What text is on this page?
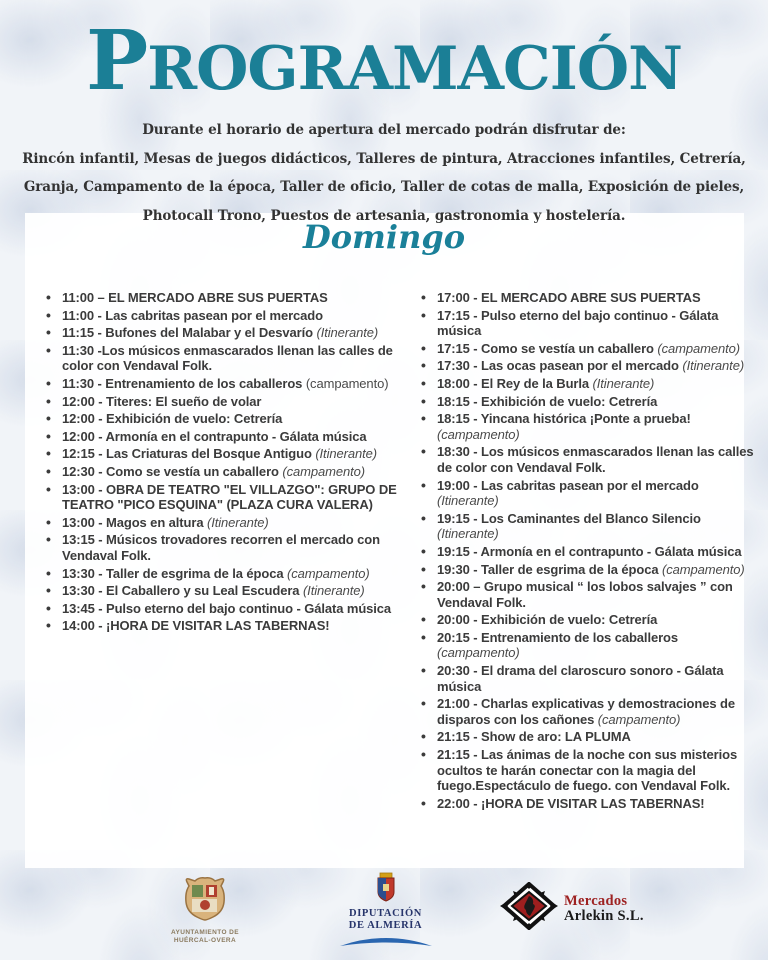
PROGRAMACIÓN

Durante el horario de apertura del mercado podrán disfrutar de:

Rincón infantil, Mesas de juegos didácticos, Talleres de pintura, Atracciones infantiles, Cetrería,

Granja, Campamento de la época, Taller de oficio, Taller de cotas de malla, Exposición de pieles,

Photocall Trono, Puestos de artesania, gastronomia y hostelería.

Domingo
• 11:00 – EL MERCADO ABRE SUS PUERTAS
• 11:00 - Las cabritas pasean por el mercado
• 11:15 - Bufones del Malabar y el Desvarío (Itinerante)
• 11:30 -Los músicos enmascarados llenan las calles de color con Vendaval Folk.
• 11:30 - Entrenamiento de los caballeros (campamento)
• 12:00 - Titeres: El sueño de volar
• 12:00 - Exhibición de vuelo: Cetrería
• 12:00 - Armonía en el contrapunto - Gálata música
• 12:15 - Las Criaturas del Bosque Antiguo (Itinerante)
• 12:30 - Como se vestía un caballero (campamento)
• 13:00 - OBRA DE TEATRO "EL VILLAZGO": GRUPO DE TEATRO "PICO ESQUINA" (PLAZA CURA VALERA)
• 13:00 - Magos en altura (Itinerante)
• 13:15 - Músicos trovadores recorren el mercado con Vendaval Folk.
• 13:30 - Taller de esgrima de la época (campamento)
• 13:30 - El Caballero y su Leal Escudera (Itinerante)
• 13:45 - Pulso eterno del bajo continuo - Gálata música
• 14:00 - ¡HORA DE VISITAR LAS TABERNAS!
• 17:00 - EL MERCADO ABRE SUS PUERTAS
• 17:15 - Pulso eterno del bajo continuo - Gálata música
• 17:15 - Como se vestía un caballero (campamento)
• 17:30 - Las ocas pasean por el mercado (Itinerante)
• 18:00 - El Rey de la Burla (Itinerante)
• 18:15 - Exhibición de vuelo: Cetrería
• 18:15 - Yincana histórica ¡Ponte a prueba! (campamento)
• 18:30 - Los músicos enmascarados llenan las calles de color con Vendaval Folk.
• 19:00 - Las cabritas pasean por el mercado (Itinerante)
• 19:15 - Los Caminantes del Blanco Silencio (Itinerante)
• 19:15 - Armonía en el contrapunto - Gálata música
• 19:30 - Taller de esgrima de la época (campamento)
• 20:00 – Grupo musical “ los lobos salvajes ” con Vendaval Folk.
• 20:00 - Exhibición de vuelo: Cetrería
• 20:15 - Entrenamiento de los caballeros (campamento)
• 20:30 - El drama del claroscuro sonoro - Gálata música
• 21:00 - Charlas explicativas y demostraciones de disparos con los cañones (campamento)
• 21:15 - Show de aro: LA PLUMA
• 21:15 - Las ánimas de la noche con sus misterios ocultos te harán conectar con la magia del fuego.Espectáculo de fuego. con Vendaval Folk.
• 22:00 - ¡HORA DE VISITAR LAS TABERNAS!
AYUNTAMIENTO DE
HUÉRCAL-OVERA
DIPUTACIÓN
DE ALMERÍA
Mercados
Arlekin S.L.
